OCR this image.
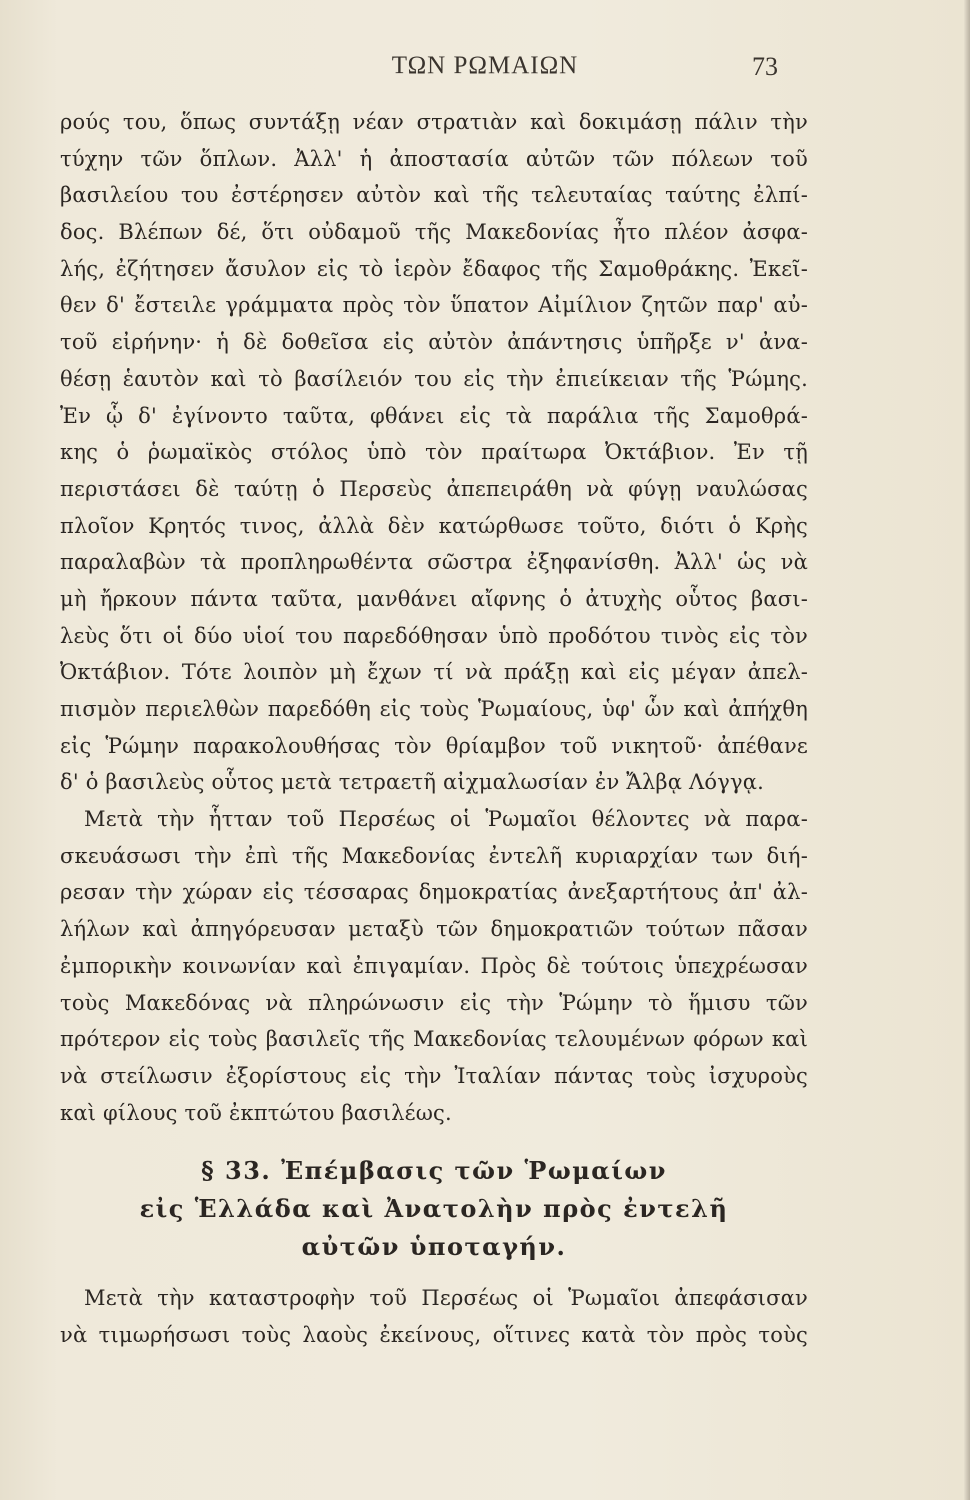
ΤΩΝ ΡΩΜΑΙΩΝ	73
ρούς του, ὅπως συντάξῃ νέαν στρατιὰν καὶ δοκιμάσῃ πάλιν τὴν
τύχην τῶν ὅπλων. Ἀλλ' ἡ ἀποστασία αὐτῶν τῶν πόλεων τοῦ
βασιλείου του ἐστέρησεν αὐτὸν καὶ τῆς τελευταίας ταύτης ἐλπί-
δος. Βλέπων δέ, ὅτι οὐδαμοῦ τῆς Μακεδονίας ἦτο πλέον ἀσφα-
λής, ἐζήτησεν ἄσυλον εἰς τὸ ἱερὸν ἔδαφος τῆς Σαμοθράκης. Ἐκεῖ-
θεν δ' ἔστειλε γράμματα πρὸς τὸν ὕπατον Αἰμίλιον ζητῶν παρ' αὐ-
τοῦ εἰρήνην· ἡ δὲ δοθεῖσα εἰς αὐτὸν ἀπάντησις ὑπῆρξε ν' ἀνα-
θέσῃ ἑαυτὸν καὶ τὸ βασίλειόν του εἰς τὴν ἐπιείκειαν τῆς Ῥώμης.
Ἐν ᾧ δ' ἐγίνοντο ταῦτα, φθάνει εἰς τὰ παράλια τῆς Σαμοθρά-
κης ὁ ῥωμαϊκὸς στόλος ὑπὸ τὸν πραίτωρα Ὀκτάβιον. Ἐν τῇ
περιστάσει δὲ ταύτῃ ὁ Περσεὺς ἀπεπειράθη νὰ φύγῃ ναυλώσας
πλοῖον Κρητός τινος, ἀλλὰ δὲν κατώρθωσε τοῦτο, διότι ὁ Κρὴς
παραλαβὼν τὰ προπληρωθέντα σῶστρα ἐξηφανίσθη. Ἀλλ' ὡς νὰ
μὴ ἤρκουν πάντα ταῦτα, μανθάνει αἴφνης ὁ ἀτυχὴς οὗτος βασι-
λεὺς ὅτι οἱ δύο υἱοί του παρεδόθησαν ὑπὸ προδότου τινὸς εἰς τὸν
Ὀκτάβιον. Τότε λοιπὸν μὴ ἔχων τί νὰ πράξῃ καὶ εἰς μέγαν ἀπελ-
πισμὸν περιελθὼν παρεδόθη εἰς τοὺς Ῥωμαίους, ὑφ' ὧν καὶ ἀπήχθη
εἰς Ῥώμην παρακολουθήσας τὸν θρίαμβον τοῦ νικητοῦ· ἀπέθανε
δ' ὁ βασιλεὺς οὗτος μετὰ τετραετῆ αἰχμαλωσίαν ἐν Ἄλβᾳ Λόγγᾳ.
Μετὰ τὴν ἧτταν τοῦ Περσέως οἱ Ῥωμαῖοι θέλοντες νὰ παρα-
σκευάσωσι τὴν ἐπὶ τῆς Μακεδονίας ἐντελῆ κυριαρχίαν των διή-
ρεσαν τὴν χώραν εἰς τέσσαρας δημοκρατίας ἀνεξαρτήτους ἀπ' ἀλ-
λήλων καὶ ἀπηγόρευσαν μεταξὺ τῶν δημοκρατιῶν τούτων πᾶσαν
ἐμπορικὴν κοινωνίαν καὶ ἐπιγαμίαν. Πρὸς δὲ τούτοις ὑπεχρέωσαν
τοὺς Μακεδόνας νὰ πληρώνωσιν εἰς τὴν Ῥώμην τὸ ἥμισυ τῶν
πρότερον εἰς τοὺς βασιλεῖς τῆς Μακεδονίας τελουμένων φόρων καὶ
νὰ στείλωσιν ἐξορίστους εἰς τὴν Ἰταλίαν πάντας τοὺς ἰσχυροὺς
καὶ φίλους τοῦ ἐκπτώτου βασιλέως.
§ 33. Ἐπέμβασις τῶν Ῥωμαίων
εἰς Ἑλλάδα καὶ Ἀνατολὴν πρὸς ἐντελῆ
αὐτῶν ὑποταγήν.
Μετὰ τὴν καταστροφὴν τοῦ Περσέως οἱ Ῥωμαῖοι ἀπεφάσισαν
νὰ τιμωρήσωσι τοὺς λαοὺς ἐκείνους, οἵτινες κατὰ τὸν πρὸς τοὺς
